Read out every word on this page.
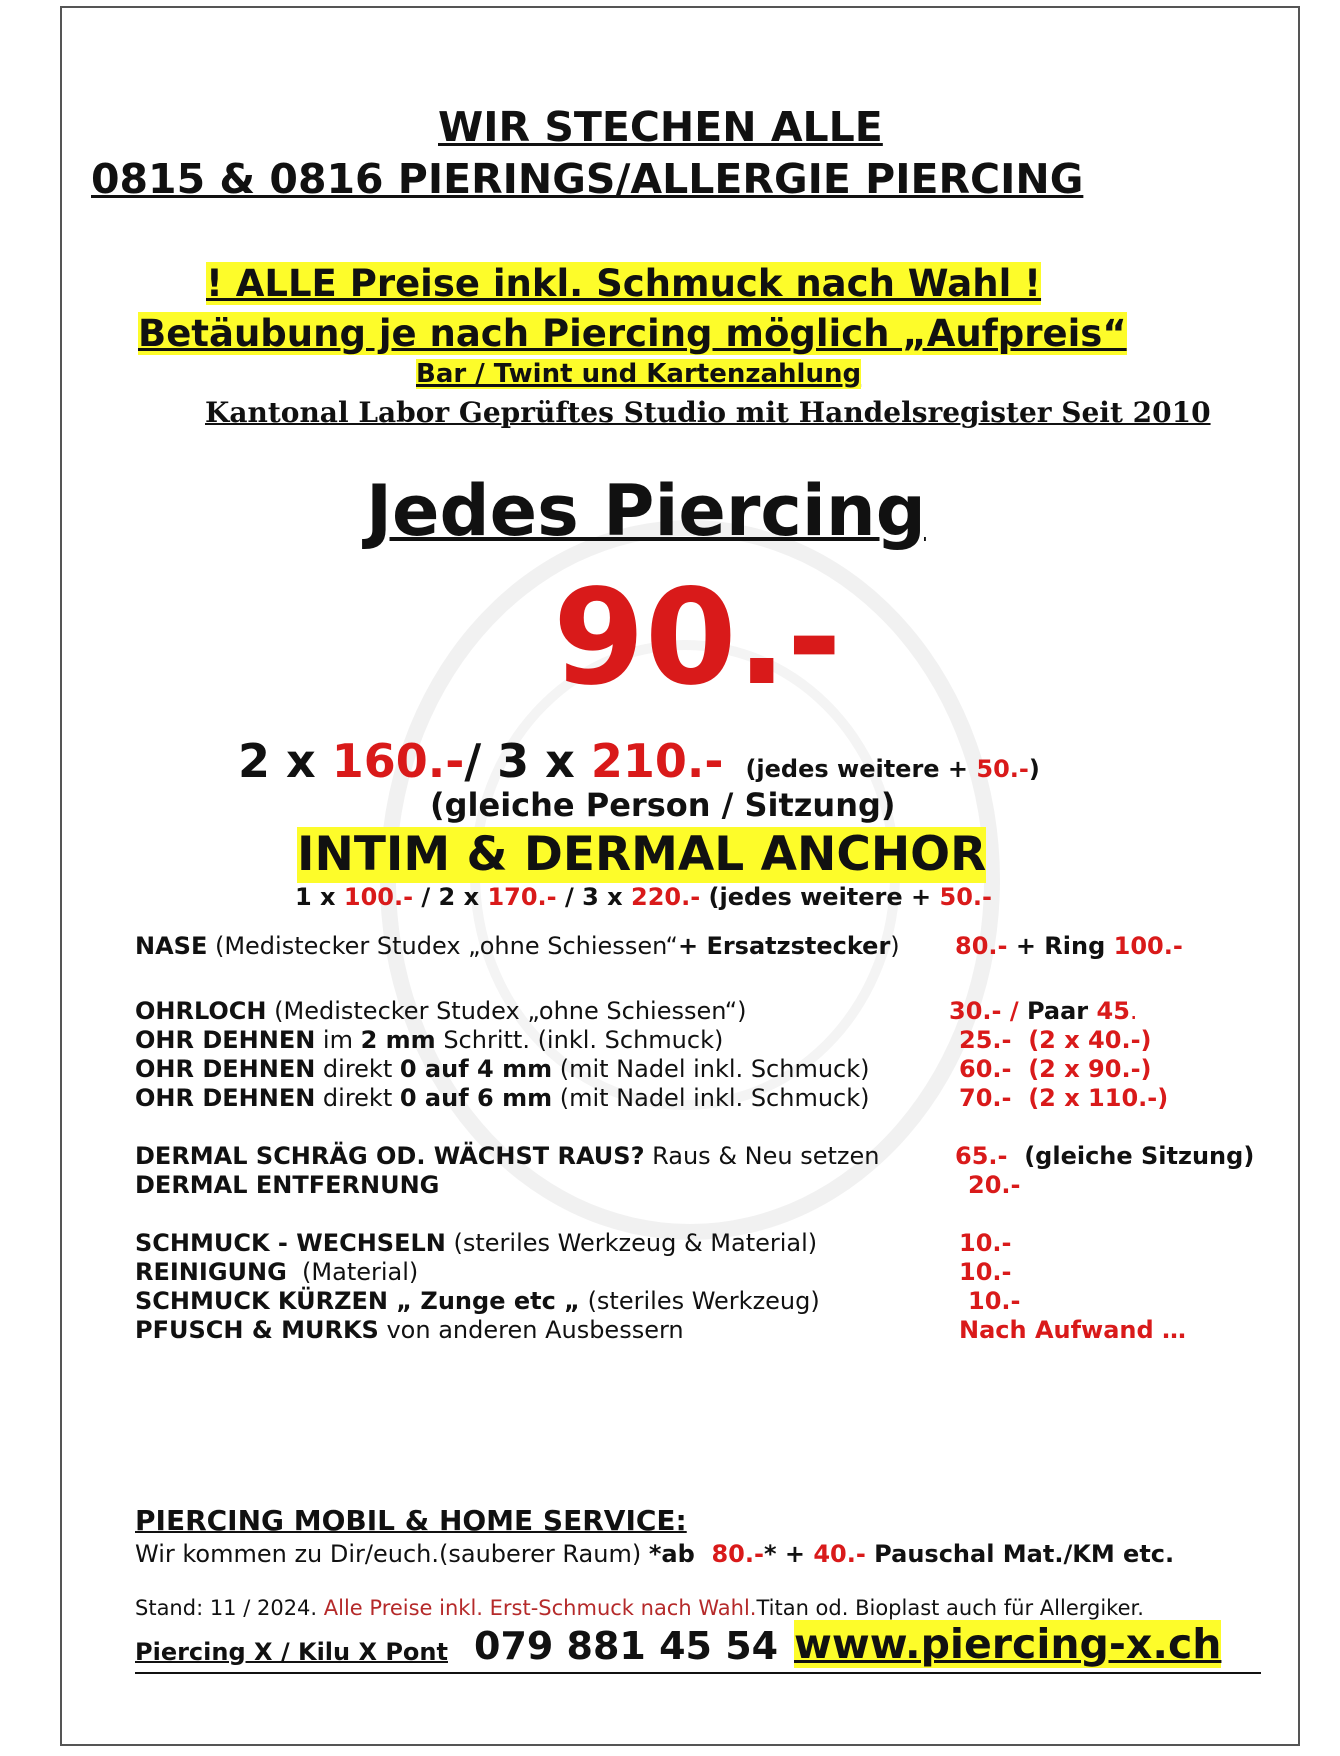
WIR STECHEN ALLE
0815 & 0816 PIERINGS/ALLERGIE PIERCING
! ALLE Preise inkl. Schmuck nach Wahl !
Betäubung je nach Piercing möglich „Aufpreis“
Bar / Twint und Kartenzahlung
Kantonal Labor Geprüftes Studio mit Handelsregister Seit 2010
Jedes Piercing
90.-
2 x 160.-/ 3 x 210.- (jedes weitere + 50.-)
(gleiche Person / Sitzung)
INTIM & DERMAL ANCHOR
1 x 100.- / 2 x 170.- / 3 x 220.- (jedes weitere + 50.-
NASE (Medistecker Studex „ohne Schiessen“+ Ersatzstecker) 80.- + Ring 100.-
OHRLOCH (Medistecker Studex „ohne Schiessen“)	30.- / Paar 45.
OHR DEHNEN im 2 mm Schritt. (inkl. Schmuck)	25.-  (2 x 40.-)
OHR DEHNEN direkt 0 auf 4 mm (mit Nadel inkl. Schmuck)	60.-  (2 x 90.-)
OHR DEHNEN direkt 0 auf 6 mm (mit Nadel inkl. Schmuck)	70.-  (2 x 110.-)
DERMAL SCHRÄG OD. WÄCHST RAUS? Raus & Neu setzen	65.-  (gleiche Sitzung)
DERMAL ENTFERNUNG	20.-
SCHMUCK - WECHSELN (steriles Werkzeug & Material)	10.-
REINIGUNG  (Material)	10.-
SCHMUCK KÜRZEN „ Zunge etc „ (steriles Werkzeug)	10.-
PFUSCH & MURKS von anderen Ausbessern	Nach Aufwand …
PIERCING MOBIL & HOME SERVICE:
Wir kommen zu Dir/euch.(sauberer Raum) *ab  80.-* + 40.- Pauschal Mat./KM etc.
Stand: 11 / 2024. Alle Preise inkl. Erst-Schmuck nach Wahl.Titan od. Bioplast auch für Allergiker.
Piercing X / Kilu X Pont 079 881 45 54 www.piercing-x.ch
